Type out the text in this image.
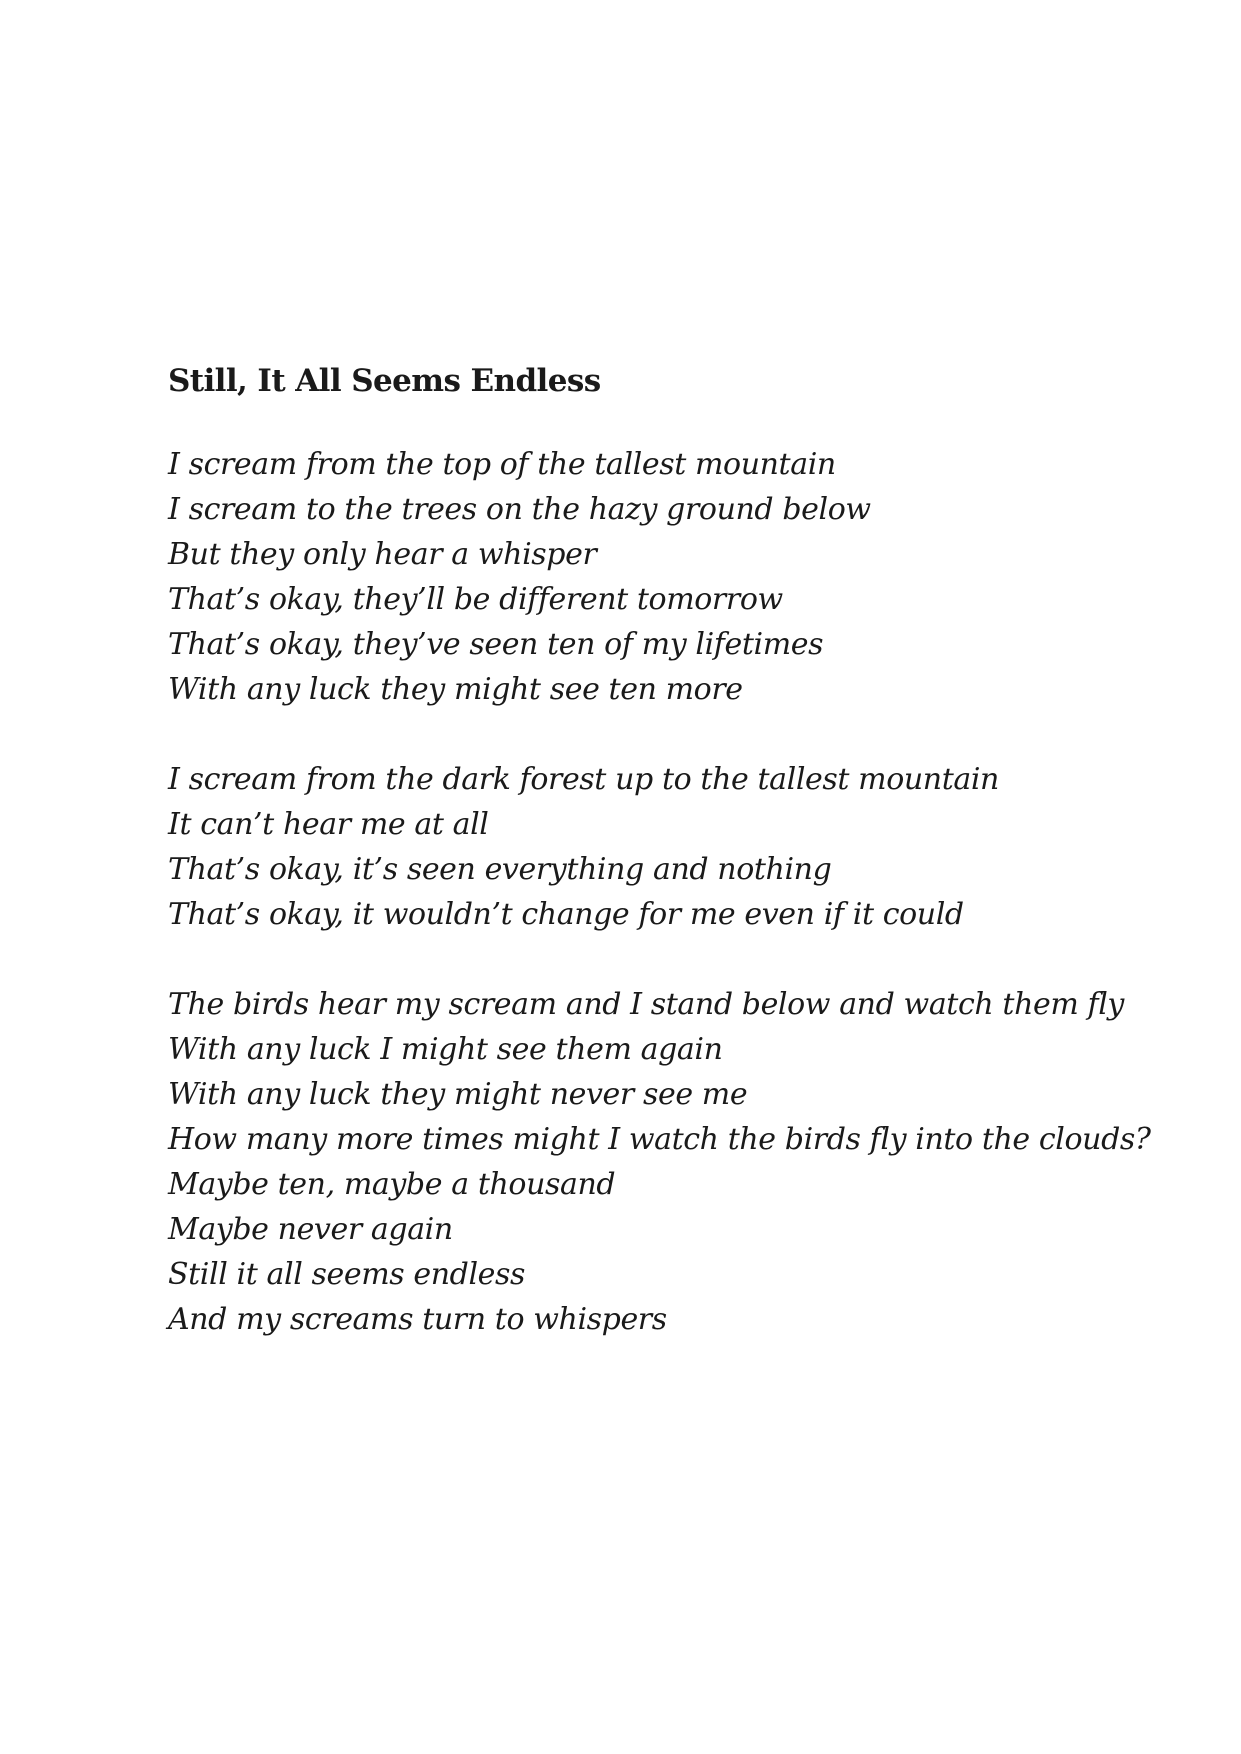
Still, It All Seems Endless
I scream from the top of the tallest mountain
I scream to the trees on the hazy ground below
But they only hear a whisper
That’s okay, they’ll be different tomorrow
That’s okay, they’ve seen ten of my lifetimes
With any luck they might see ten more
I scream from the dark forest up to the tallest mountain
It can’t hear me at all
That’s okay, it’s seen everything and nothing
That’s okay, it wouldn’t change for me even if it could
The birds hear my scream and I stand below and watch them fly
With any luck I might see them again
With any luck they might never see me
How many more times might I watch the birds fly into the clouds?
Maybe ten, maybe a thousand
Maybe never again
Still it all seems endless
And my screams turn to whispers
